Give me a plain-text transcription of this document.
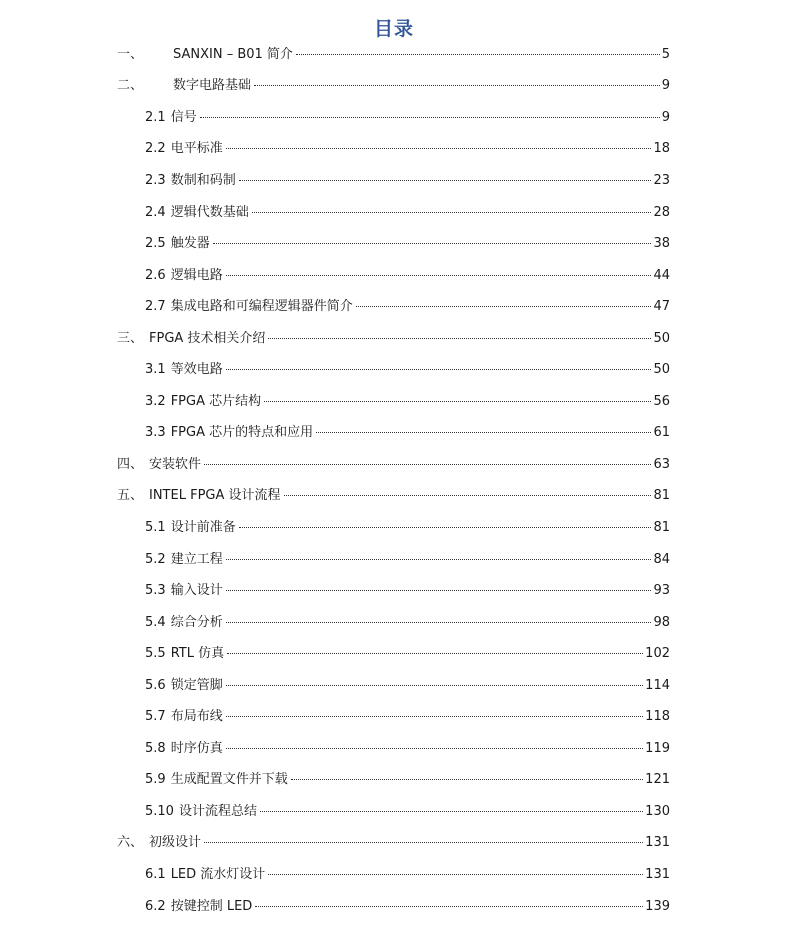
目录
一、	SANXIN – B01 简介	5
二、	数字电路基础	9
2.1 信号	9
2.2 电平标准	18
2.3 数制和码制	23
2.4 逻辑代数基础	28
2.5 触发器	38
2.6 逻辑电路	44
2.7 集成电路和可编程逻辑器件简介	47
三、 FPGA 技术相关介绍	50
3.1 等效电路	50
3.2 FPGA 芯片结构	56
3.3 FPGA 芯片的特点和应用	61
四、 安装软件	63
五、 INTEL FPGA 设计流程	81
5.1 设计前准备	81
5.2 建立工程	84
5.3 输入设计	93
5.4 综合分析	98
5.5 RTL 仿真	102
5.6 锁定管脚	114
5.7 布局布线	118
5.8 时序仿真	119
5.9 生成配置文件并下载	121
5.10 设计流程总结	130
六、 初级设计	131
6.1 LED 流水灯设计	131
6.2 按键控制 LED	139
